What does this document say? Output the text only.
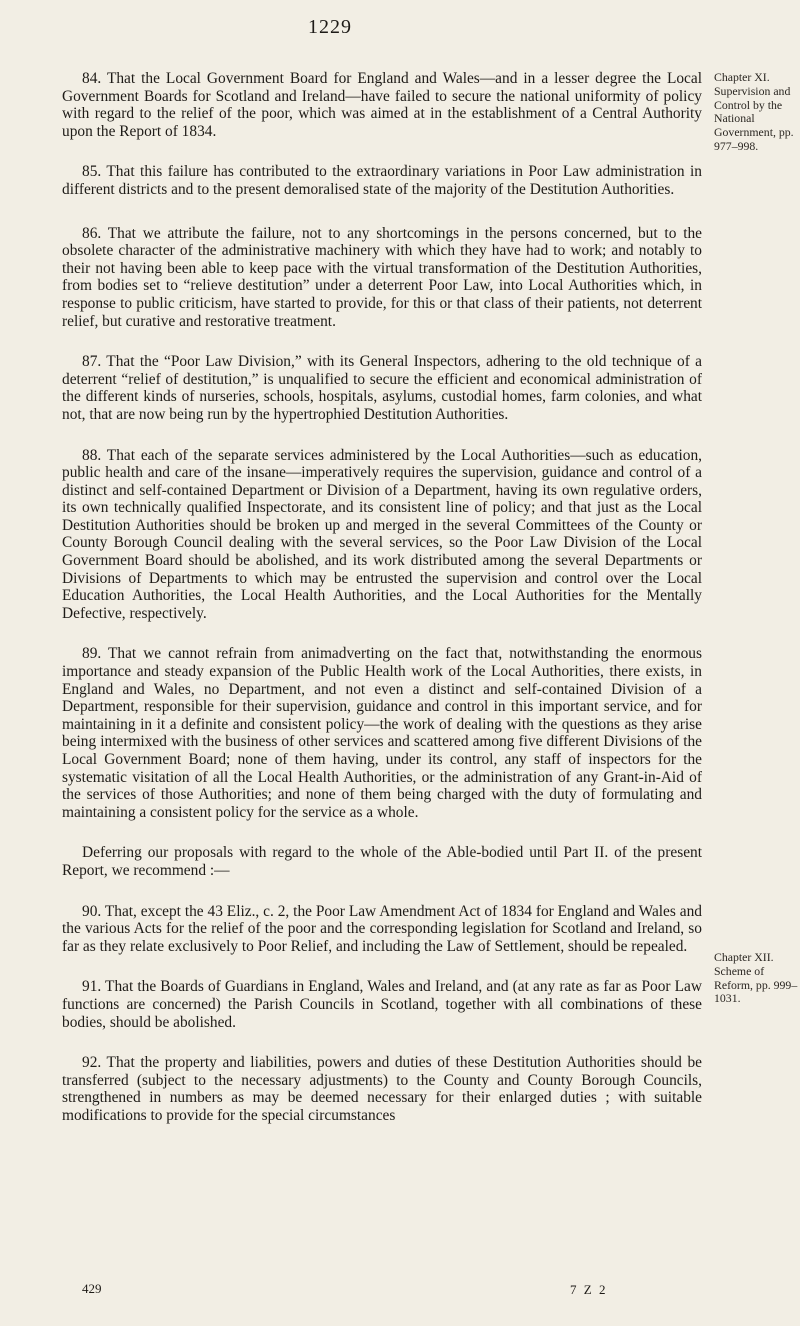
1229

84. That the Local Government Board for England and Wales—and in a lesser degree the Local Government Boards for Scotland and Ireland—have failed to secure the national uniformity of policy with regard to the relief of the poor, which was aimed at in the establishment of a Central Authority upon the Report of 1834.

85. That this failure has contributed to the extraordinary variations in Poor Law administration in different districts and to the present demoralised state of the majority of the Destitution Authorities.

86. That we attribute the failure, not to any shortcomings in the persons concerned, but to the obsolete character of the administrative machinery with which they have had to work; and notably to their not having been able to keep pace with the virtual transformation of the Destitution Authorities, from bodies set to “relieve destitution” under a deterrent Poor Law, into Local Authorities which, in response to public criticism, have started to provide, for this or that class of their patients, not deterrent relief, but curative and restorative treatment.

87. That the “Poor Law Division,” with its General Inspectors, adhering to the old technique of a deterrent “relief of destitution,” is unqualified to secure the efficient and economical administration of the different kinds of nurseries, schools, hospitals, asylums, custodial homes, farm colonies, and what not, that are now being run by the hypertrophied Destitution Authorities.

88. That each of the separate services administered by the Local Authorities—such as education, public health and care of the insane—imperatively requires the supervision, guidance and control of a distinct and self-contained Department or Division of a Department, having its own regulative orders, its own technically qualified Inspectorate, and its consistent line of policy; and that just as the Local Destitution Authorities should be broken up and merged in the several Committees of the County or County Borough Council dealing with the several services, so the Poor Law Division of the Local Government Board should be abolished, and its work distributed among the several Departments or Divisions of Departments to which may be entrusted the supervision and control over the Local Education Authorities, the Local Health Authorities, and the Local Authorities for the Mentally Defective, respectively.

89. That we cannot refrain from animadverting on the fact that, notwithstanding the enormous importance and steady expansion of the Public Health work of the Local Authorities, there exists, in England and Wales, no Department, and not even a distinct and self-contained Division of a Department, responsible for their supervision, guidance and control in this important service, and for maintaining in it a definite and consistent policy—the work of dealing with the questions as they arise being intermixed with the business of other services and scattered among five different Divisions of the Local Government Board; none of them having, under its control, any staff of inspectors for the systematic visitation of all the Local Health Authorities, or the administration of any Grant-in-Aid of the services of those Authorities; and none of them being charged with the duty of formulating and maintaining a consistent policy for the service as a whole.

Deferring our proposals with regard to the whole of the Able-bodied until Part II. of the present Report, we recommend :—

90. That, except the 43 Eliz., c. 2, the Poor Law Amendment Act of 1834 for England and Wales and the various Acts for the relief of the poor and the corresponding legislation for Scotland and Ireland, so far as they relate exclusively to Poor Relief, and including the Law of Settlement, should be repealed.

91. That the Boards of Guardians in England, Wales and Ireland, and (at any rate as far as Poor Law functions are concerned) the Parish Councils in Scotland, together with all combinations of these bodies, should be abolished.

92. That the property and liabilities, powers and duties of these Destitution Authorities should be transferred (subject to the necessary adjustments) to the County and County Borough Councils, strengthened in numbers as may be deemed necessary for their enlarged duties ; with suitable modifications to provide for the special circumstances

Chapter XI. Supervision and Control by the National Government, pp. 977–998.
Chapter XII. Scheme of Reform, pp. 999–1031.
429	7 Z 2
